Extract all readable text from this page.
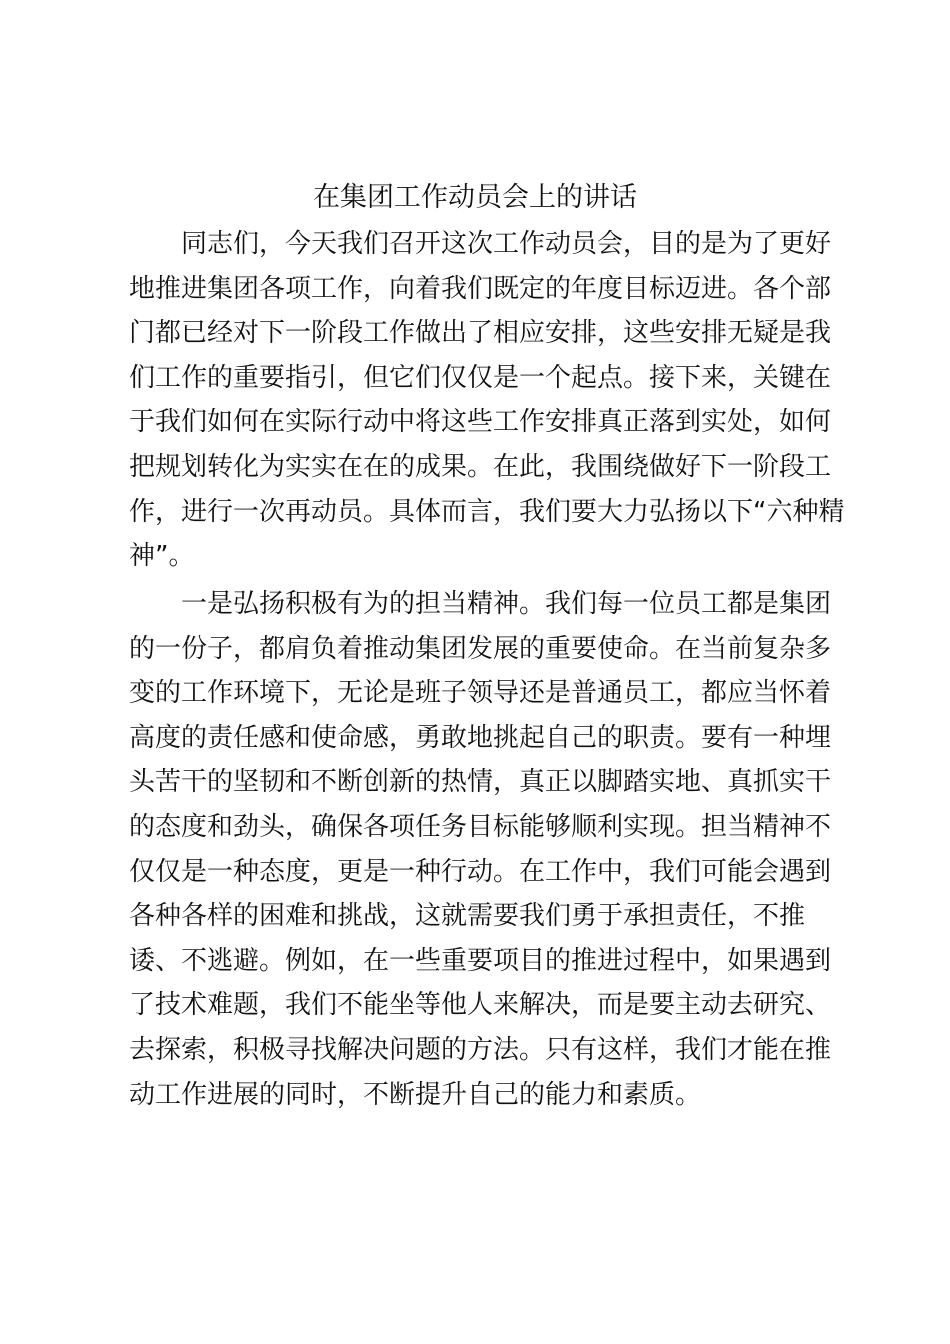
在集团工作动员会上的讲话
同志们，今天我们召开这次工作动员会，目的是为了更好
地推进集团各项工作，向着我们既定的年度目标迈进。各个部
门都已经对下一阶段工作做出了相应安排，这些安排无疑是我
们工作的重要指引，但它们仅仅是一个起点。接下来，关键在
于我们如何在实际行动中将这些工作安排真正落到实处，如何
把规划转化为实实在在的成果。在此，我围绕做好下一阶段工
作，进行一次再动员。具体而言，我们要大力弘扬以下“六种精
神”。
一是弘扬积极有为的担当精神。我们每一位员工都是集团
的一份子，都肩负着推动集团发展的重要使命。在当前复杂多
变的工作环境下，无论是班子领导还是普通员工，都应当怀着
高度的责任感和使命感，勇敢地挑起自己的职责。要有一种埋
头苦干的坚韧和不断创新的热情，真正以脚踏实地、真抓实干
的态度和劲头，确保各项任务目标能够顺利实现。担当精神不
仅仅是一种态度，更是一种行动。在工作中，我们可能会遇到
各种各样的困难和挑战，这就需要我们勇于承担责任，不推
诿、不逃避。例如，在一些重要项目的推进过程中，如果遇到
了技术难题，我们不能坐等他人来解决，而是要主动去研究、
去探索，积极寻找解决问题的方法。只有这样，我们才能在推
动工作进展的同时，不断提升自己的能力和素质。
